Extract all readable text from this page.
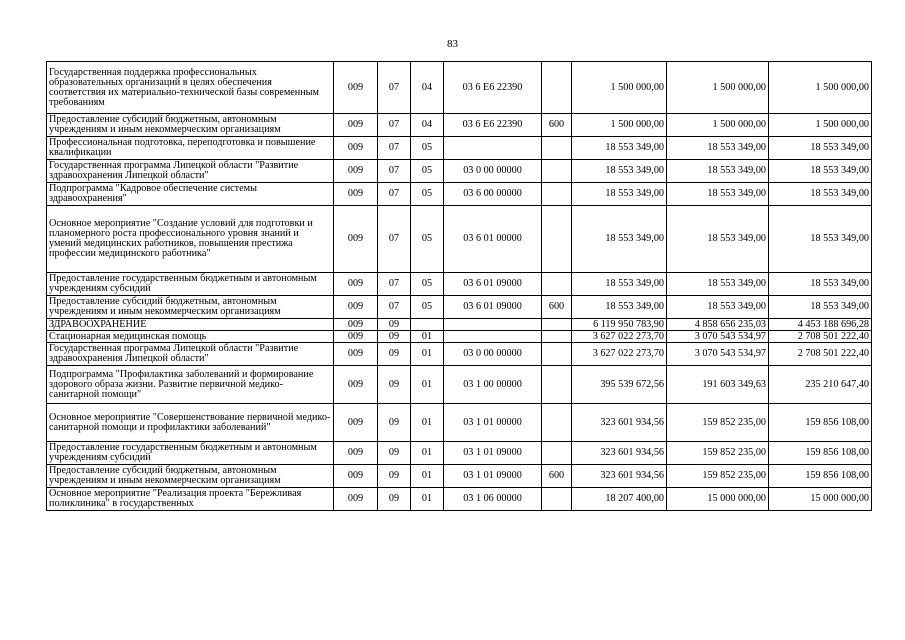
83
Государственная поддержка профессиональных образовательных организаций в целях обеспечения соответствия их материально-технической базы современным требованиям	009	07	04	03 6 Е6 22390		1 500 000,00	1 500 000,00	1 500 000,00
Предоставление субсидий бюджетным, автономным учреждениям и иным некоммерческим организациям	009	07	04	03 6 Е6 22390	600	1 500 000,00	1 500 000,00	1 500 000,00
Профессиональная подготовка, переподготовка и повышение квалификации	009	07	05			18 553 349,00	18 553 349,00	18 553 349,00
Государственная программа Липецкой области "Развитие здравоохранения Липецкой области"	009	07	05	03 0 00 00000		18 553 349,00	18 553 349,00	18 553 349,00
Подпрограмма "Кадровое обеспечение системы здравоохранения"	009	07	05	03 6 00 00000		18 553 349,00	18 553 349,00	18 553 349,00
Основное мероприятие "Создание условий для подготовки и планомерного роста профессионального уровня знаний и умений медицинских работников, повышения престижа профессии медицинского работника"	009	07	05	03 6 01 00000		18 553 349,00	18 553 349,00	18 553 349,00
Предоставление государственным бюджетным и автономным учреждениям субсидий	009	07	05	03 6 01 09000		18 553 349,00	18 553 349,00	18 553 349,00
Предоставление субсидий бюджетным, автономным учреждениям и иным некоммерческим организациям	009	07	05	03 6 01 09000	600	18 553 349,00	18 553 349,00	18 553 349,00
ЗДРАВООХРАНЕНИЕ	009	09				6 119 950 783,90	4 858 656 235,03	4 453 188 696,28
Стационарная медицинская помощь	009	09	01			3 627 022 273,70	3 070 543 534,97	2 708 501 222,40
Государственная программа Липецкой области "Развитие здравоохранения Липецкой области"	009	09	01	03 0 00 00000		3 627 022 273,70	3 070 543 534,97	2 708 501 222,40
Подпрограмма "Профилактика заболеваний и формирование здорового образа жизни. Развитие первичной медико-санитарной помощи"	009	09	01	03 1 00 00000		395 539 672,56	191 603 349,63	235 210 647,40
Основное мероприятие "Совершенствование первичной медико-санитарной помощи и профилактики заболеваний"	009	09	01	03 1 01 00000		323 601 934,56	159 852 235,00	159 856 108,00
Предоставление государственным бюджетным и автономным учреждениям субсидий	009	09	01	03 1 01 09000		323 601 934,56	159 852 235,00	159 856 108,00
Предоставление субсидий бюджетным, автономным учреждениям и иным некоммерческим организациям	009	09	01	03 1 01 09000	600	323 601 934,56	159 852 235,00	159 856 108,00
Основное мероприятие "Реализация проекта "Бережливая поликлиника" в государственных	009	09	01	03 1 06 00000		18 207 400,00	15 000 000,00	15 000 000,00
